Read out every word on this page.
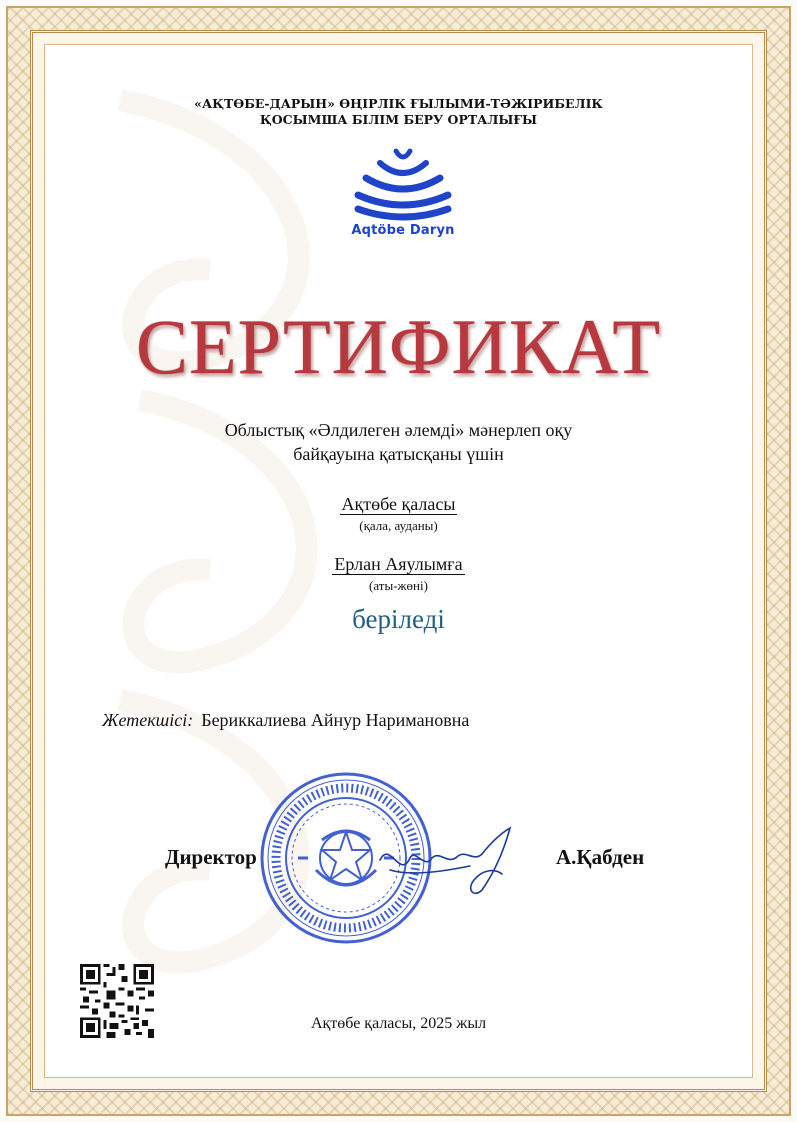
«АҚТӨБЕ-ДАРЫН» ӨҢІРЛІК ҒЫЛЫМИ-ТӘЖІРИБЕЛІК
ҚОСЫМША БІЛІМ БЕРУ ОРТАЛЫҒЫ
Aqtöbe Daryn
СЕРТИФИКАТ
Облыстық «Әлдилеген әлемді» мәнерлеп оқу
байқауына қатысқаны үшін
Ақтөбе қаласы
(қала, ауданы)
Ерлан Аяулымға
(аты-жөні)
беріледі
Жетекшісі: Бериккалиева Айнур Наримановна
Директор	А.Қабден
Ақтөбе қаласы, 2025 жыл
